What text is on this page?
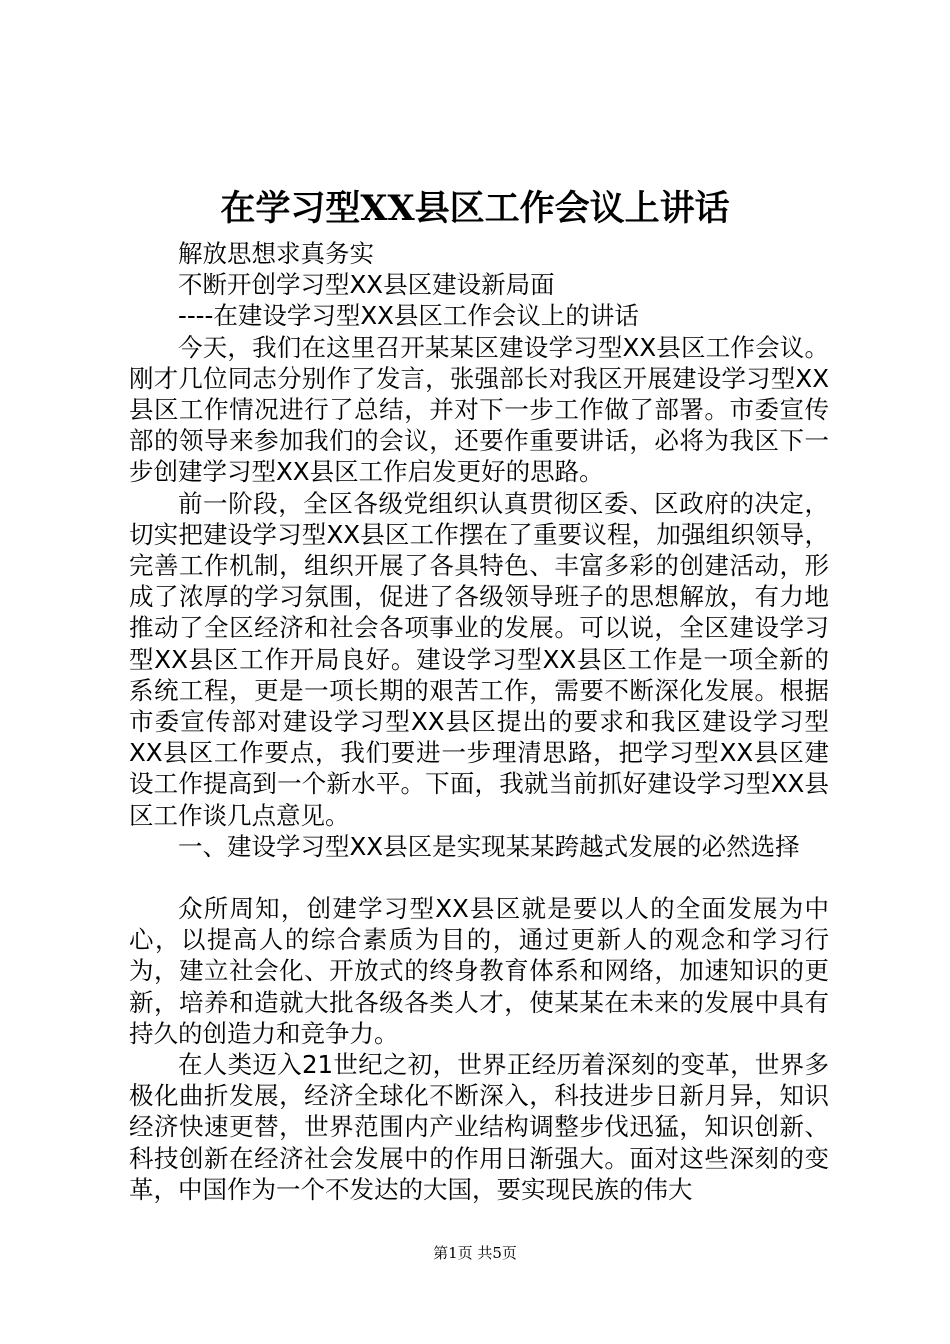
在学习型XX县区工作会议上讲话

解放思想求真务实

不断开创学习型XX县区建设新局面

----在建设学习型XX县区工作会议上的讲话

今天，我们在这里召开某某区建设学习型XX县区工作会议。刚才几位同志分别作了发言，张强部长对我区开展建设学习型XX县区工作情况进行了总结，并对下一步工作做了部署。市委宣传部的领导来参加我们的会议，还要作重要讲话，必将为我区下一步创建学习型XX县区工作启发更好的思路。

前一阶段，全区各级党组织认真贯彻区委、区政府的决定，切实把建设学习型XX县区工作摆在了重要议程，加强组织领导，完善工作机制，组织开展了各具特色、丰富多彩的创建活动，形成了浓厚的学习氛围，促进了各级领导班子的思想解放，有力地推动了全区经济和社会各项事业的发展。可以说，全区建设学习型XX县区工作开局良好。建设学习型XX县区工作是一项全新的系统工程，更是一项长期的艰苦工作，需要不断深化发展。根据市委宣传部对建设学习型XX县区提出的要求和我区建设学习型XX县区工作要点，我们要进一步理清思路，把学习型XX县区建设工作提高到一个新水平。下面，我就当前抓好建设学习型XX县区工作谈几点意见。

一、建设学习型XX县区是实现某某跨越式发展的必然选择

众所周知，创建学习型XX县区就是要以人的全面发展为中心，以提高人的综合素质为目的，通过更新人的观念和学习行为，建立社会化、开放式的终身教育体系和网络，加速知识的更新，培养和造就大批各级各类人才，使某某在未来的发展中具有持久的创造力和竞争力。

在人类迈入21世纪之初，世界正经历着深刻的变革，世界多极化曲折发展，经济全球化不断深入，科技进步日新月异，知识经济快速更替，世界范围内产业结构调整步伐迅猛，知识创新、科技创新在经济社会发展中的作用日渐强大。面对这些深刻的变革，中国作为一个不发达的大国，要实现民族的伟大

第1页 共5页
